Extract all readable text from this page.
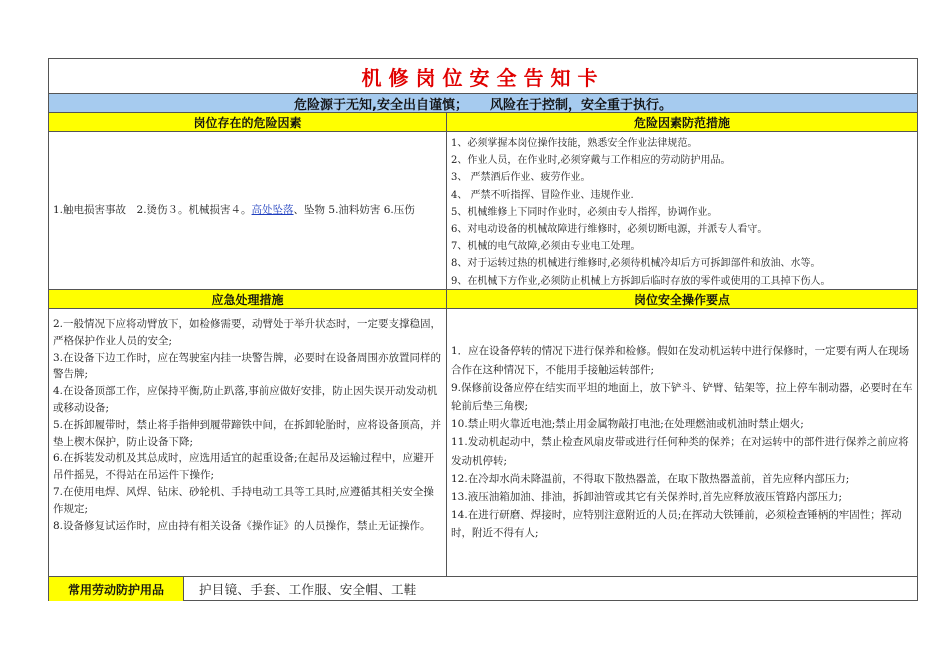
机修岗位安全告知卡
危险源于无知,安全出自谨慎； 风险在于控制，安全重于执行。
岗位存在的危险因素	危险因素防范措施
1.触电损害事故　2.烫伤３。机械损害４。高处坠落、坠物 5.油料妨害 6.压伤
1、必须掌握本岗位操作技能，熟悉安全作业法律规范。
2、作业人员，在作业时,必须穿戴与工作相应的劳动防护用品。
3、 严禁酒后作业、疲劳作业。
4、 严禁不听指挥、冒险作业、违规作业.
5、机械维修上下同时作业时，必须由专人指挥，协调作业。
6、对电动设备的机械故障进行维修时，必须切断电源，并派专人看守。
7、机械的电气故障,必须由专业电工处理。
8、对于运转过热的机械进行维修时,必须待机械冷却后方可拆卸部件和放油、水等。
9、在机械下方作业,必须防止机械上方拆卸后临时存放的零件或使用的工具掉下伤人。
应急处理措施	岗位安全操作要点
2.一般情况下应将动臂放下，如检修需要，动臂处于举升状态时，一定要支撑稳固，严格保护作业人员的安全;
3.在设备下边工作时，应在驾驶室内挂一块警告牌，必要时在设备周围亦放置同样的警告牌;
4.在设备顶部工作，应保持平衡,防止趴落,事前应做好安排，防止因失误开动发动机或移动设备;
5.在拆卸履带时，禁止将手指伸到履带蹄铁中间，在拆卸轮胎时，应将设备顶高，并垫上楔木保护，防止设备下降;
6.在拆装发动机及其总成时，应选用适宜的起重设备;在起吊及运输过程中，应避开吊件摇晃，不得站在吊运件下操作;
7.在使用电焊、风焊、钻床、砂轮机、手持电动工具等工具时,应遵循其相关安全操作规定;
8.设备修复试运作时，应由持有相关设备《操作证》的人员操作，禁止无证操作。
1．应在设备停转的情况下进行保养和检修。假如在发动机运转中进行保修时，一定要有两人在现场合作在这种情况下，不能用手接触运转部件;
9.保修前设备应停在结实而平坦的地面上，放下铲斗、铲臂、钻架等，拉上停车制动器，必要时在车轮前后垫三角楔;
10.禁止明火靠近电池;禁止用金属物敲打电池;在处理燃油或机油时禁止烟火;
11.发动机起动中，禁止检查风扇皮带或进行任何种类的保养；在对运转中的部件进行保养之前应将发动机停转;
12.在冷却水尚未降温前，不得取下散热器盖，在取下散热器盖前，首先应释内部压力;
13.液压油箱加油、排油，拆卸油管或其它有关保养时,首先应释放液压管路内部压力;
14.在进行研磨、焊接时，应特别注意附近的人员;在挥动大铁锤前，必须检查锤柄的牢固性；挥动时，附近不得有人;
常用劳动防护用品	护目镜、手套、工作服、安全帽、工鞋
